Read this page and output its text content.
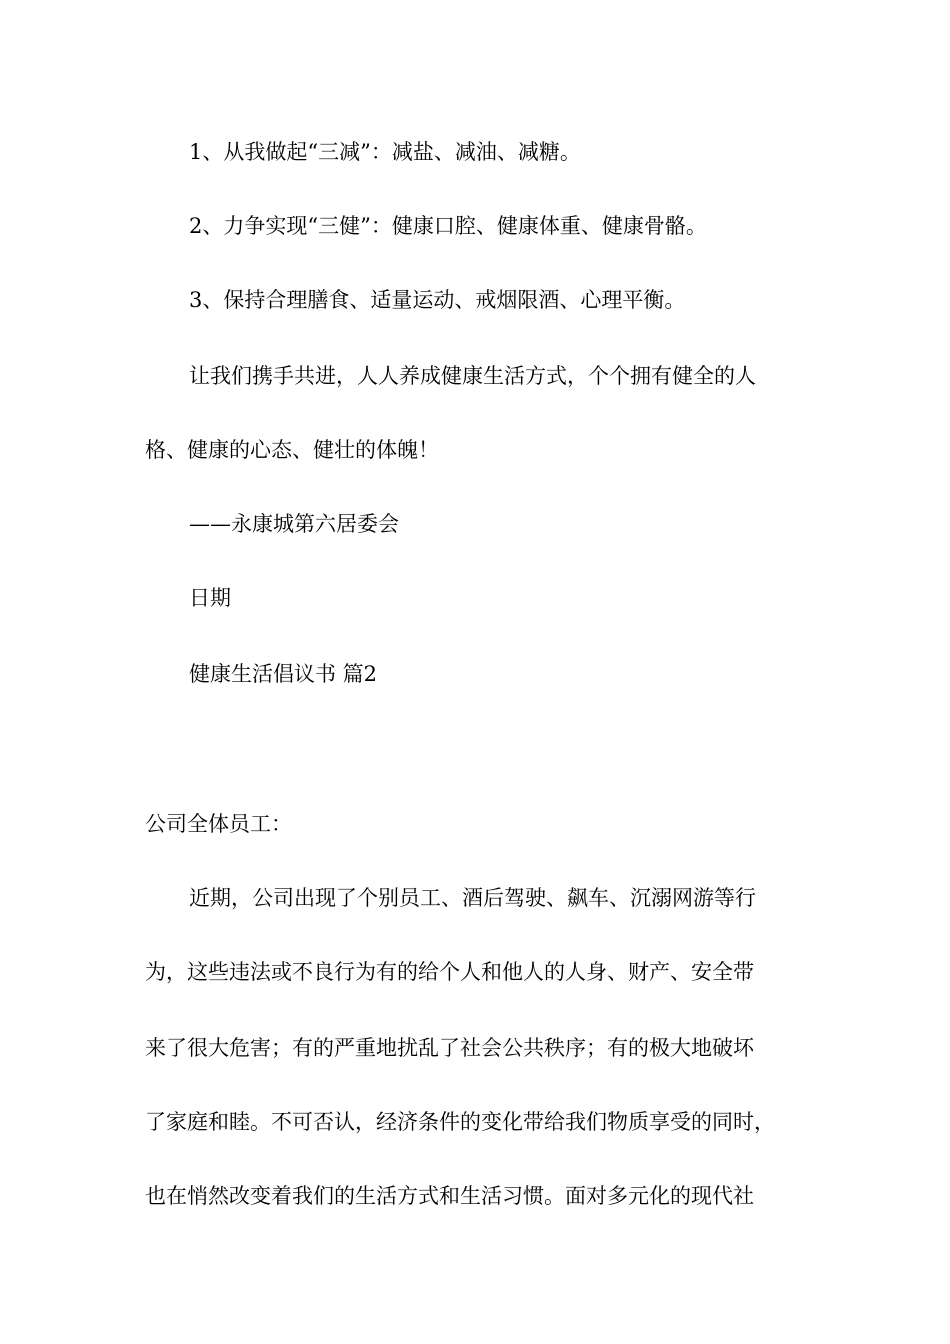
1、从我做起“三减”：减盐、减油、减糖。
2、力争实现“三健”：健康口腔、健康体重、健康骨骼。
3、保持合理膳食、适量运动、戒烟限酒、心理平衡。
让我们携手共进，人人养成健康生活方式，个个拥有健全的人
格、健康的心态、健壮的体魄！
——永康城第六居委会
日期
健康生活倡议书 篇2
公司全体员工：
近期，公司出现了个别员工、酒后驾驶、飙车、沉溺网游等行
为，这些违法或不良行为有的给个人和他人的人身、财产、安全带
来了很大危害；有的严重地扰乱了社会公共秩序；有的极大地破坏
了家庭和睦。不可否认，经济条件的变化带给我们物质享受的同时，
也在悄然改变着我们的生活方式和生活习惯。面对多元化的现代社
